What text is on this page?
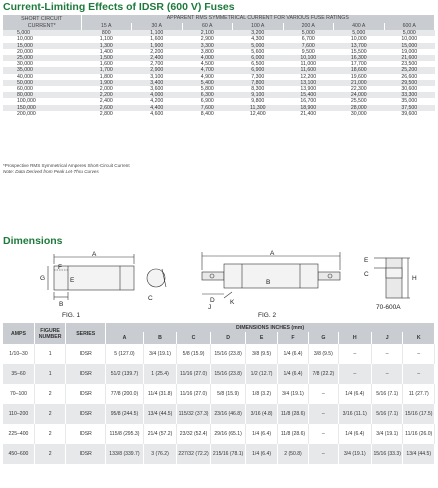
Current-Limiting Effects of IDSR (600 V) Fuses
SHORT CIRCUIT
CURRENT*	APPARENT RMS SYMMETRICAL CURRENT FOR VARIOUS FUSE RATINGS						
	15 A	30 A	60 A	100 A	200 A	400 A	600 A
5,000	800	1,100	2,100	3,200	5,000	5,000	5,000
10,000	1,100	1,600	2,900	4,300	6,700	10,000	10,000
15,000	1,300	1,900	3,300	5,000	7,600	13,700	15,000
20,000	1,400	2,200	3,800	5,600	9,500	15,500	19,000
25,000	1,500	2,400	4,000	6,000	10,100	16,300	21,600
30,000	1,600	2,700	4,500	6,500	11,000	17,700	23,500
35,000	1,700	2,900	4,700	6,900	11,600	18,600	25,200
40,000	1,800	3,100	4,900	7,300	12,200	19,600	26,600
50,000	1,900	3,400	5,400	7,800	13,100	21,000	29,500
60,000	2,000	3,600	5,800	8,300	13,900	22,300	30,600
80,000	2,200	4,000	6,300	9,100	15,400	24,000	33,300
100,000	2,400	4,200	6,900	9,800	16,700	25,500	35,000
150,000	2,600	4,400	7,600	11,300	18,900	28,000	37,500
200,000	2,800	4,600	8,400	12,400	21,400	30,000	39,600
*Prospective RMS Symmetrical Amperes Short-Circuit Current
Note: Data Derived from Peak Let-Thru Curves
Dimensions
A
F
B
G	E
C
FIG. 1
A
D
J
K
B
FIG. 2
E
C
H
70-600A
AMPS	FIGURE
NUMBER	SERIES	DIMENSIONS INCHES (mm)									
			A	B	C	D	E	F	G	H	J	K
1/10–30	1	IDSR	5 (127.0)	3/4 (19.1)	5/8 (15.9)	15/16 (23.8)	3/8 (9.5)	1/4 (6.4)	3/8 (9.5)	–	–	–
35–60	1	IDSR	51/2 (139.7)	1 (25.4)	11/16 (27.0)	15/16 (23.8)	1/2 (12.7)	1/4 (6.4)	7/8 (22.2)	–	–	–
70–100	2	IDSR	77/8 (200.0)	11/4 (31.8)	11/16 (27.0)	5/8 (15.9)	1/8 (3.2)	3/4 (19.1)	–	1/4 (6.4)	5/16 (7.1)	11 (27.7)
110–200	2	IDSR	95/8 (244.5)	13/4 (44.5)	115/32 (37.3)	23/16 (46.8)	3/16 (4.8)	11/8 (28.6)	–	3/16 (11.1)	5/16 (7.1)	15/16 (17.5)
225–400	2	IDSR	115/8 (295.3)	21/4 (57.2)	23/32 (52.4)	29/16 (65.1)	1/4 (6.4)	11/8 (28.6)	–	1/4 (6.4)	3/4 (19.1)	11/16 (26.0)
450–600	2	IDSR	133/8 (339.7)	3 (76.2)	227/32 (72.2)	215/16 (78.1)	1/4 (6.4)	2 (50.8)	–	3/4 (19.1)	15/16 (33.3)	13/4 (44.5)
